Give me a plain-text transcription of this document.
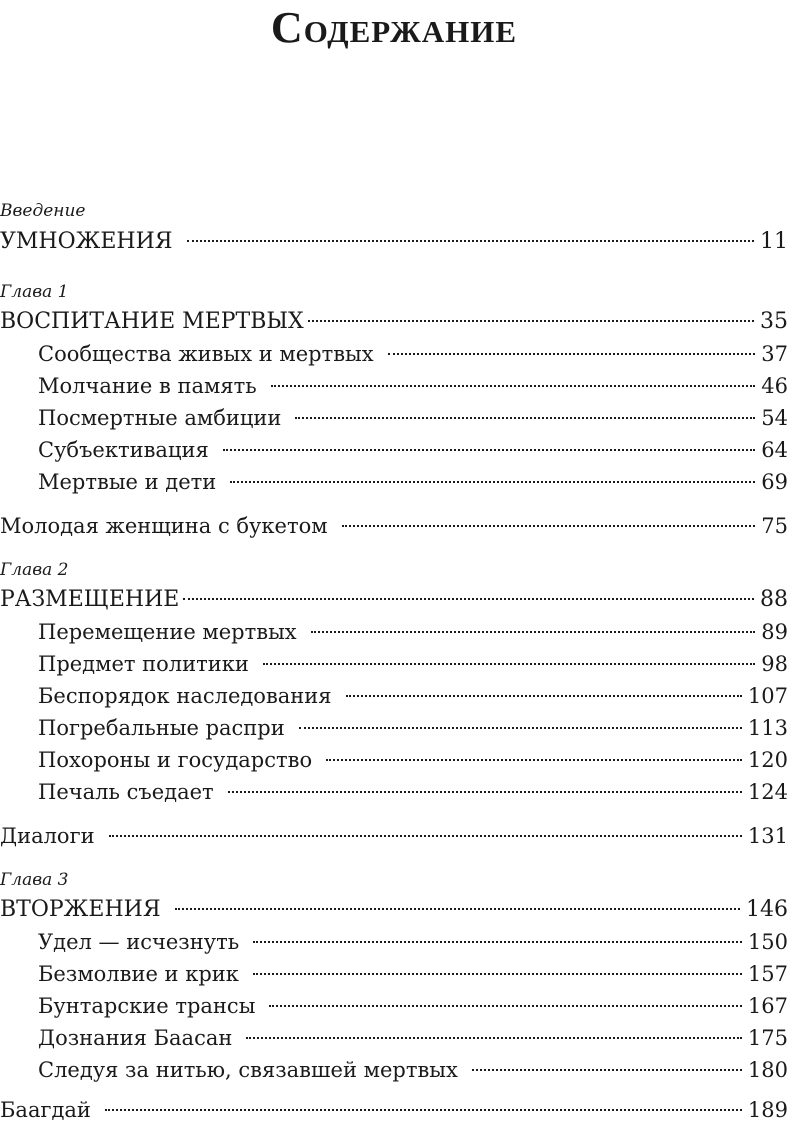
Содержание
Введение
УМНОЖЕНИЯ	11
Глава 1
ВОСПИТАНИЕ МЕРТВЫХ	35
Сообщества живых и мертвых	37
Молчание в память	46
Посмертные амбиции	54
Субъективация	64
Мертвые и дети	69
Молодая женщина с букетом	75
Глава 2
РАЗМЕЩЕНИЕ	88
Перемещение мертвых	89
Предмет политики	98
Беспорядок наследования	107
Погребальные распри	113
Похороны и государство	120
Печаль съедает	124
Диалоги	131
Глава 3
ВТОРЖЕНИЯ	146
Удел — исчезнуть	150
Безмолвие и крик	157
Бунтарские трансы	167
Дознания Баасан	175
Следуя за нитью, связавшей мертвых	180
Баагдай	189
